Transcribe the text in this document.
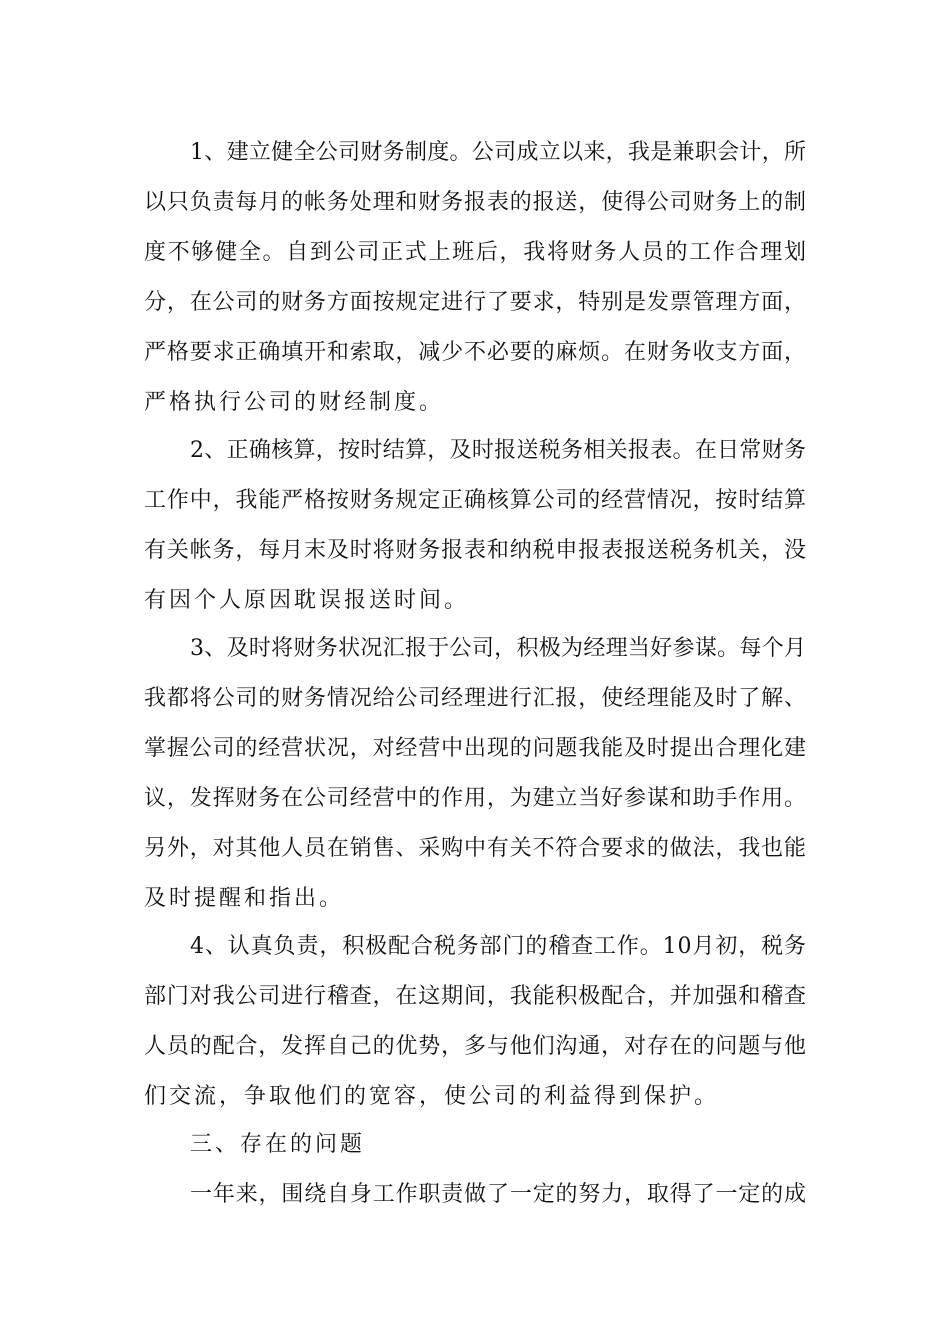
1、建立健全公司财务制度。公司成立以来，我是兼职会计，所
以只负责每月的帐务处理和财务报表的报送，使得公司财务上的制
度不够健全。自到公司正式上班后，我将财务人员的工作合理划
分，在公司的财务方面按规定进行了要求，特别是发票管理方面，
严格要求正确填开和索取，减少不必要的麻烦。在财务收支方面，
严格执行公司的财经制度。
2、正确核算，按时结算，及时报送税务相关报表。在日常财务
工作中，我能严格按财务规定正确核算公司的经营情况，按时结算
有关帐务，每月末及时将财务报表和纳税申报表报送税务机关，没
有因个人原因耽误报送时间。
3、及时将财务状况汇报于公司，积极为经理当好参谋。每个月
我都将公司的财务情况给公司经理进行汇报，使经理能及时了解、
掌握公司的经营状况，对经营中出现的问题我能及时提出合理化建
议，发挥财务在公司经营中的作用，为建立当好参谋和助手作用。
另外，对其他人员在销售、采购中有关不符合要求的做法，我也能
及时提醒和指出。
4、认真负责，积极配合税务部门的稽查工作。10月初，税务
部门对我公司进行稽查，在这期间，我能积极配合，并加强和稽查
人员的配合，发挥自己的优势，多与他们沟通，对存在的问题与他
们交流，争取他们的宽容，使公司的利益得到保护。
三、存在的问题
一年来，围绕自身工作职责做了一定的努力，取得了一定的成
